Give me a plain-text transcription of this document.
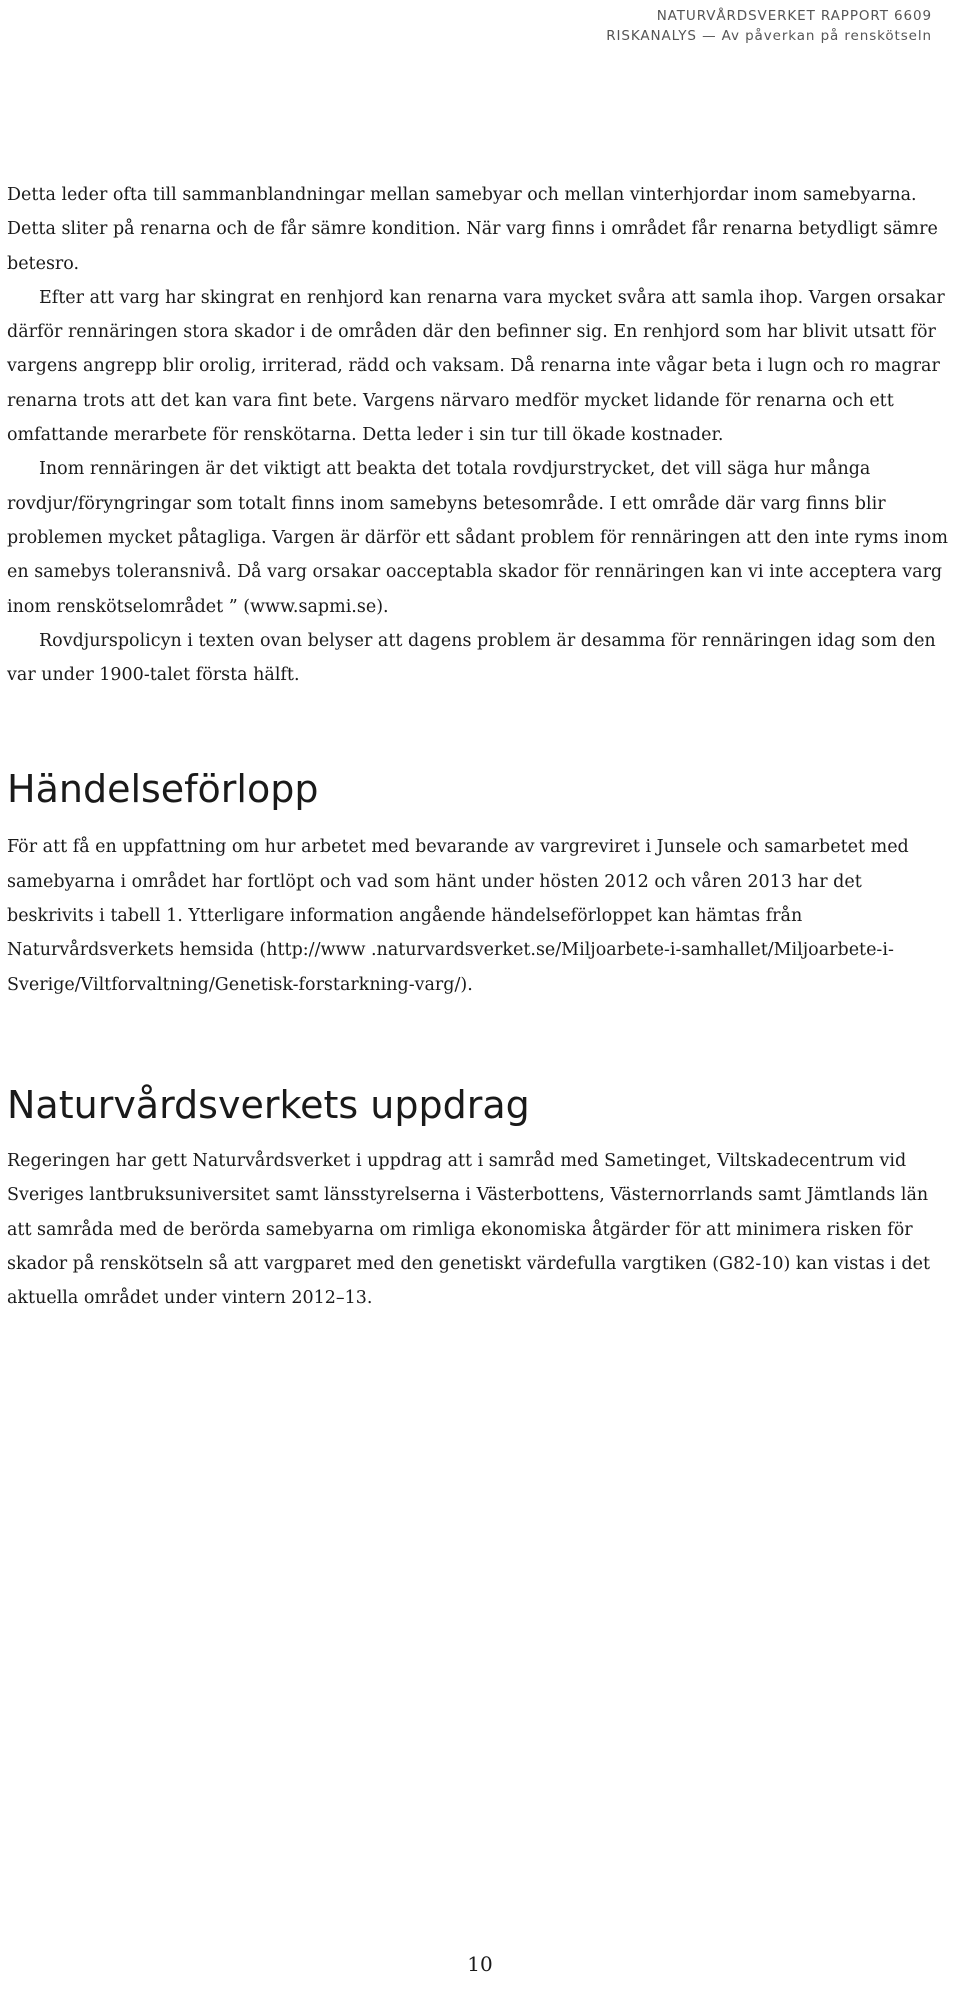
NATURVÅRDSVERKET RAPPORT 6609
RISKANALYS — Av påverkan på renskötseln

Detta leder ofta till sammanblandningar mellan samebyar och mellan vinterhjordar inom samebyarna. Detta sliter på renarna och de får sämre kondition. När varg finns i området får renarna betydligt sämre betesro.

Efter att varg har skingrat en renhjord kan renarna vara mycket svåra att samla ihop. Vargen orsakar därför rennäringen stora skador i de områden där den befinner sig. En renhjord som har blivit utsatt för vargens angrepp blir orolig, irriterad, rädd och vaksam. Då renarna inte vågar beta i lugn och ro magrar renarna trots att det kan vara fint bete. Vargens närvaro medför mycket lidande för renarna och ett omfattande merarbete för renskötarna. Detta leder i sin tur till ökade kostnader.

Inom rennäringen är det viktigt att beakta det totala rovdjurstrycket, det vill säga hur många rovdjur/föryngringar som totalt finns inom samebyns betesområde. I ett område där varg finns blir problemen mycket påtagliga. Vargen är därför ett sådant problem för rennäringen att den inte ryms inom en samebys toleransnivå. Då varg orsakar oacceptabla skador för rennäringen kan vi inte acceptera varg inom renskötselområdet ” (www.sapmi.se).

Rovdjurspolicyn i texten ovan belyser att dagens problem är desamma för rennäringen idag som den var under 1900-talet första hälft.

Händelseförlopp

För att få en uppfattning om hur arbetet med bevarande av vargreviret i Junsele och samarbetet med samebyarna i området har fortlöpt och vad som hänt under hösten 2012 och våren 2013 har det beskrivits i tabell 1. Ytterligare information angående händelseförloppet kan hämtas från Naturvårdsverkets hemsida (http://www .naturvardsverket.se/Miljoarbete-i-samhallet/Miljoarbete-i- Sverige/Viltforvaltning/Genetisk-forstarkning-varg/).

Naturvårdsverkets uppdrag

Regeringen har gett Naturvårdsverket i uppdrag att i samråd med Sametinget, Viltskadecentrum vid Sveriges lantbruksuniversitet samt länsstyrelserna i Västerbottens, Västernorrlands samt Jämtlands län att samråda med de berörda samebyarna om rimliga ekonomiska åtgärder för att minimera risken för skador på renskötseln så att vargparet med den genetiskt värdefulla vargtiken (G82-10) kan vistas i det aktuella området under vintern 2012–13.

10
